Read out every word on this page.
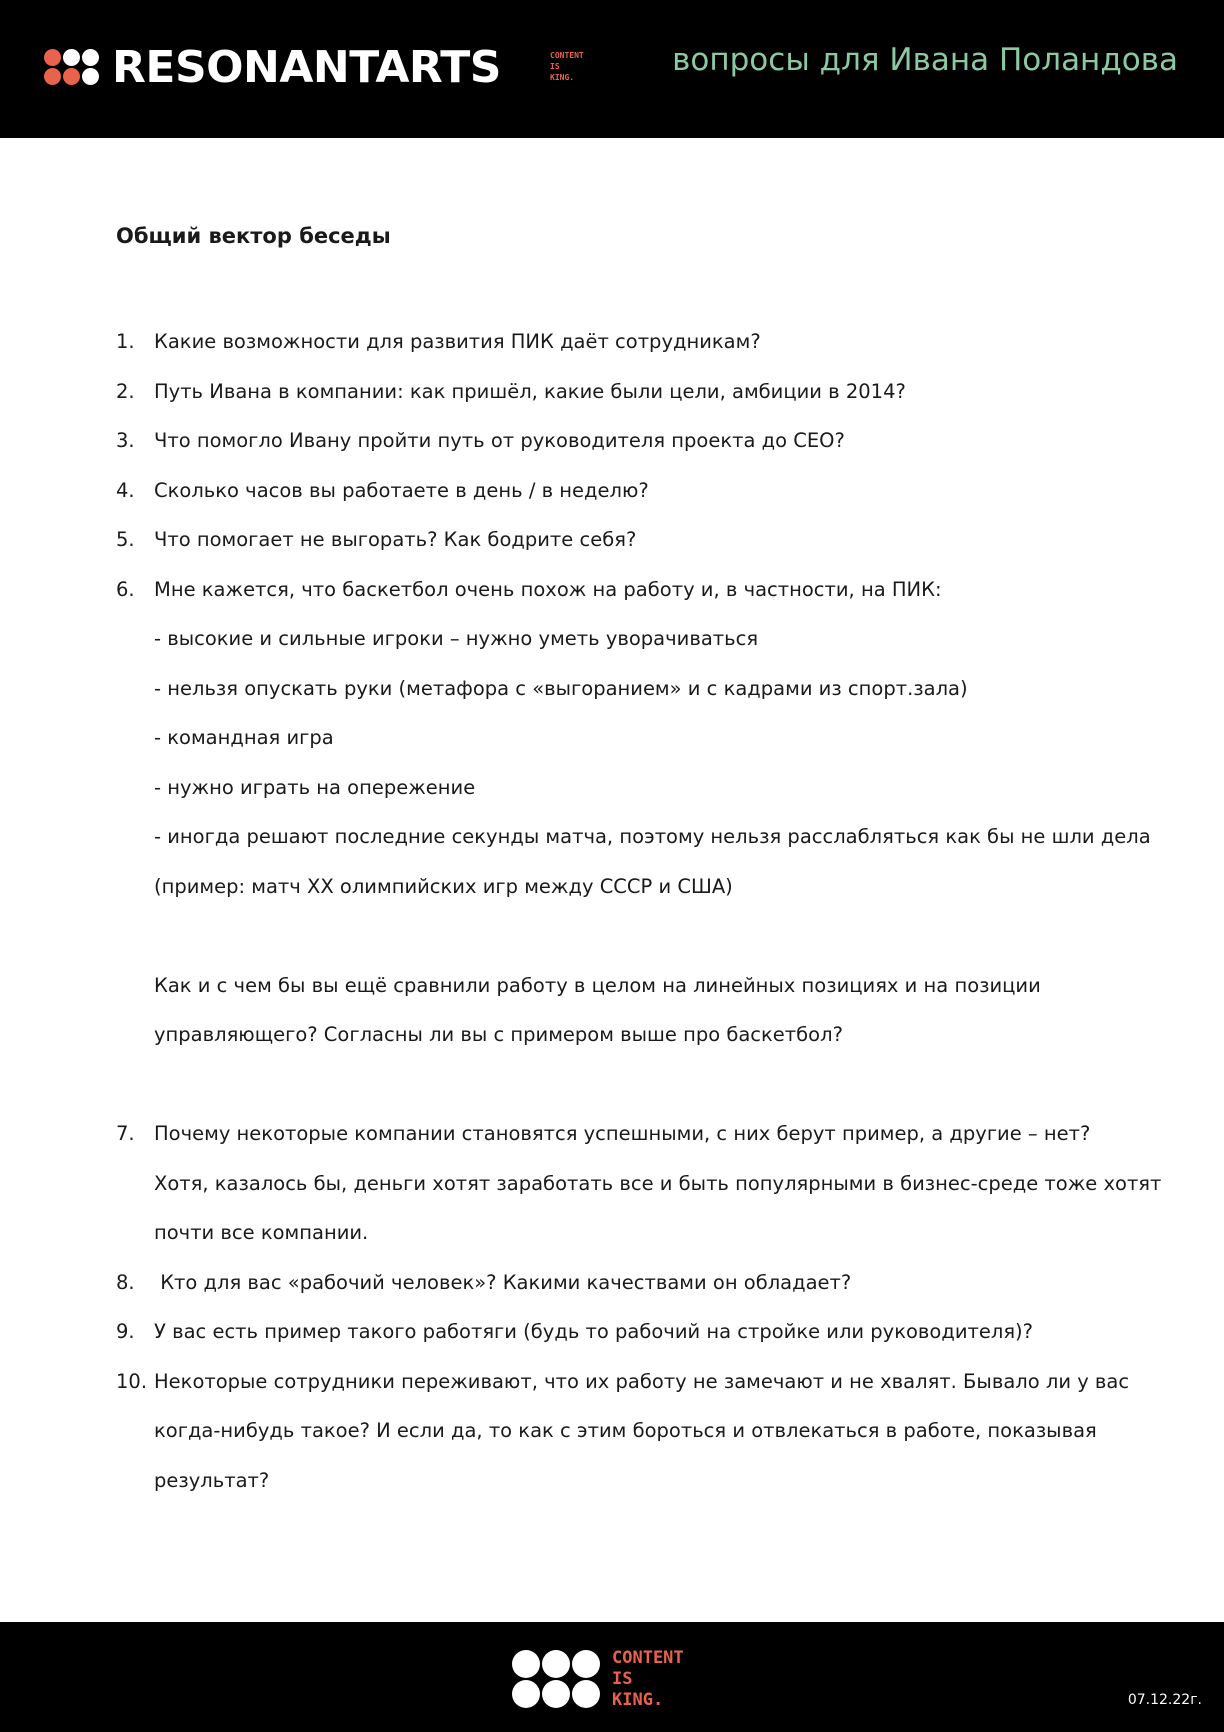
RESONANTARTS	CONTENT
IS
KING.	вопросы для Ивана Поландова
Общий вектор беседы
1. Какие возможности для развития ПИК даёт сотрудникам?
2. Путь Ивана в компании: как пришёл, какие были цели, амбиции в 2014?
3. Что помогло Ивану пройти путь от руководителя проекта до СЕО?
4. Сколько часов вы работаете в день / в неделю?
5. Что помогает не выгорать? Как бодрите себя?
6. Мне кажется, что баскетбол очень похож на работу и, в частности, на ПИК:
- высокие и сильные игроки – нужно уметь уворачиваться
- нельзя опускать руки (метафора с «выгоранием» и с кадрами из спорт.зала)
- командная игра
- нужно играть на опережение
- иногда решают последние секунды матча, поэтому нельзя расслабляться как бы не шли дела
(пример: матч XX олимпийских игр между СССР и США)
Как и с чем бы вы ещё сравнили работу в целом на линейных позициях и на позиции
управляющего? Согласны ли вы с примером выше про баскетбол?
7. Почему некоторые компании становятся успешными, с них берут пример, а другие – нет?
Хотя, казалось бы, деньги хотят заработать все и быть популярными в бизнес-среде тоже хотят
почти все компании.
8. Кто для вас «рабочий человек»? Какими качествами он обладает?
9. У вас есть пример такого работяги (будь то рабочий на стройке или руководителя)?
10. Некоторые сотрудники переживают, что их работу не замечают и не хвалят. Бывало ли у вас
когда-нибудь такое? И если да, то как с этим бороться и отвлекаться в работе, показывая
результат?
CONTENT
IS
KING.	07.12.22г.
